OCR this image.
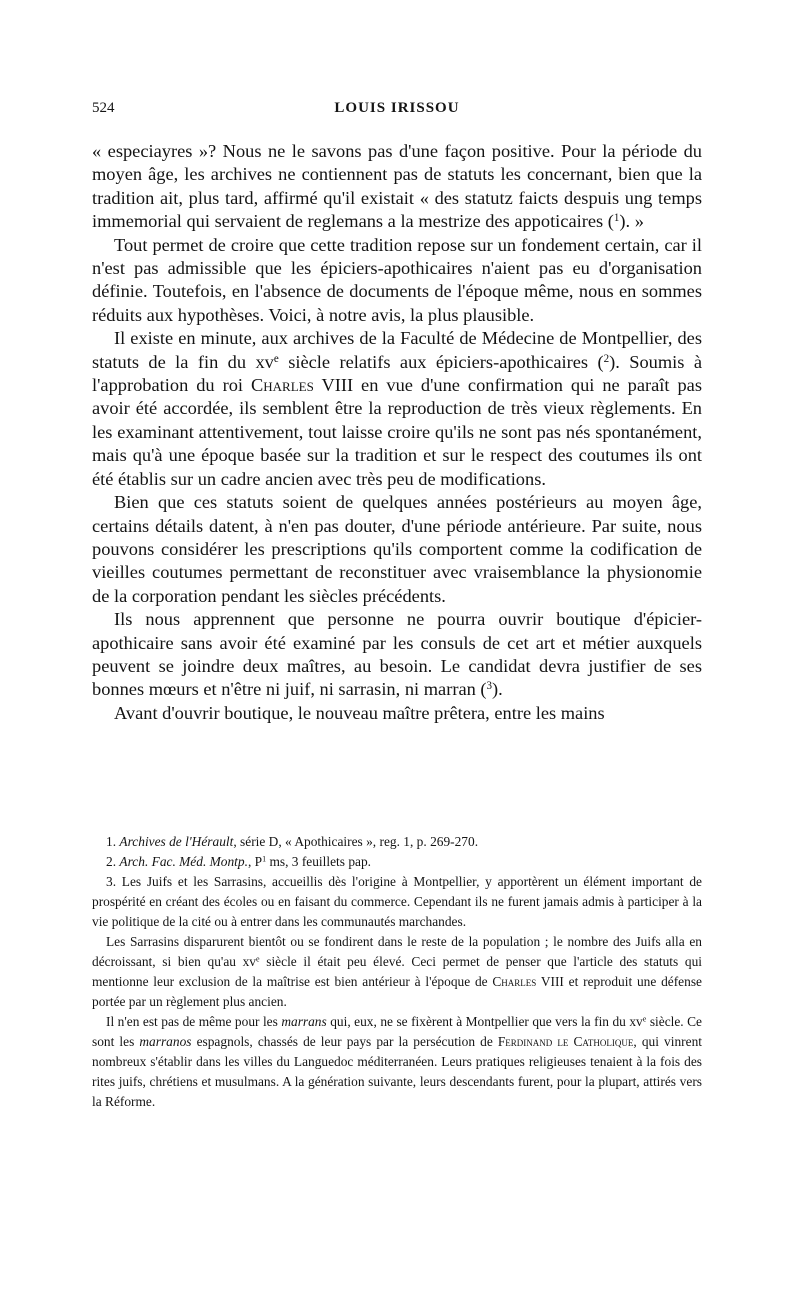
524	LOUIS IRISSOU

« especiayres »? Nous ne le savons pas d'une façon positive. Pour la période du moyen âge, les archives ne contiennent pas de statuts les concernant, bien que la tradition ait, plus tard, affirmé qu'il existait « des statutz faicts despuis ung temps immemorial qui servaient de reglemans a la mestrize des appoticaires ($^1$). »

Tout permet de croire que cette tradition repose sur un fondement certain, car il n'est pas admissible que les épiciers-apothicaires n'aient pas eu d'organisation définie. Toutefois, en l'absence de documents de l'époque même, nous en sommes réduits aux hypothèses. Voici, à notre avis, la plus plausible.

Il existe en minute, aux archives de la Faculté de Médecine de Montpellier, des statuts de la fin du $xv^e$ siècle relatifs aux épiciers-apothicaires ($^2$). Soumis à l'approbation du roi Charles VIII en vue d'une confirmation qui ne paraît pas avoir été accordée, ils semblent être la reproduction de très vieux règlements. En les examinant attentivement, tout laisse croire qu'ils ne sont pas nés spontanément, mais qu'à une époque basée sur la tradition et sur le respect des coutumes ils ont été établis sur un cadre ancien avec très peu de modifications.

Bien que ces statuts soient de quelques années postérieurs au moyen âge, certains détails datent, à n'en pas douter, d'une période antérieure. Par suite, nous pouvons considérer les prescriptions qu'ils comportent comme la codification de vieilles coutumes permettant de reconstituer avec vraisemblance la physionomie de la corporation pendant les siècles précédents.

Ils nous apprennent que personne ne pourra ouvrir boutique d'épicier-apothicaire sans avoir été examiné par les consuls de cet art et métier auxquels peuvent se joindre deux maîtres, au besoin. Le candidat devra justifier de ses bonnes mœurs et n'être ni juif, ni sarrasin, ni marran ($^3$).

Avant d'ouvrir boutique, le nouveau maître prêtera, entre les mains

1. Archives de l'Hérault, série D, « Apothicaires », reg. 1, p. 269-270.

2. Arch. Fac. Méd. Montp., $P^1$ ms, 3 feuillets pap.

3. Les Juifs et les Sarrasins, accueillis dès l'origine à Montpellier, y apportèrent un élément important de prospérité en créant des écoles ou en faisant du commerce. Cependant ils ne furent jamais admis à participer à la vie politique de la cité ou à entrer dans les communautés marchandes.

Les Sarrasins disparurent bientôt ou se fondirent dans le reste de la population ; le nombre des Juifs alla en décroissant, si bien qu'au $xv^e$ siècle il était peu élevé. Ceci permet de penser que l'article des statuts qui mentionne leur exclusion de la maîtrise est bien antérieur à l'époque de Charles VIII et reproduit une défense portée par un règlement plus ancien.

Il n'en est pas de même pour les marrans qui, eux, ne se fixèrent à Montpellier que vers la fin du $xv^e$ siècle. Ce sont les marranos espagnols, chassés de leur pays par la persécution de Ferdinand le Catholique, qui vinrent nombreux s'établir dans les villes du Languedoc méditerranéen. Leurs pratiques religieuses tenaient à la fois des rites juifs, chrétiens et musulmans. A la génération suivante, leurs descendants furent, pour la plupart, attirés vers la Réforme.
